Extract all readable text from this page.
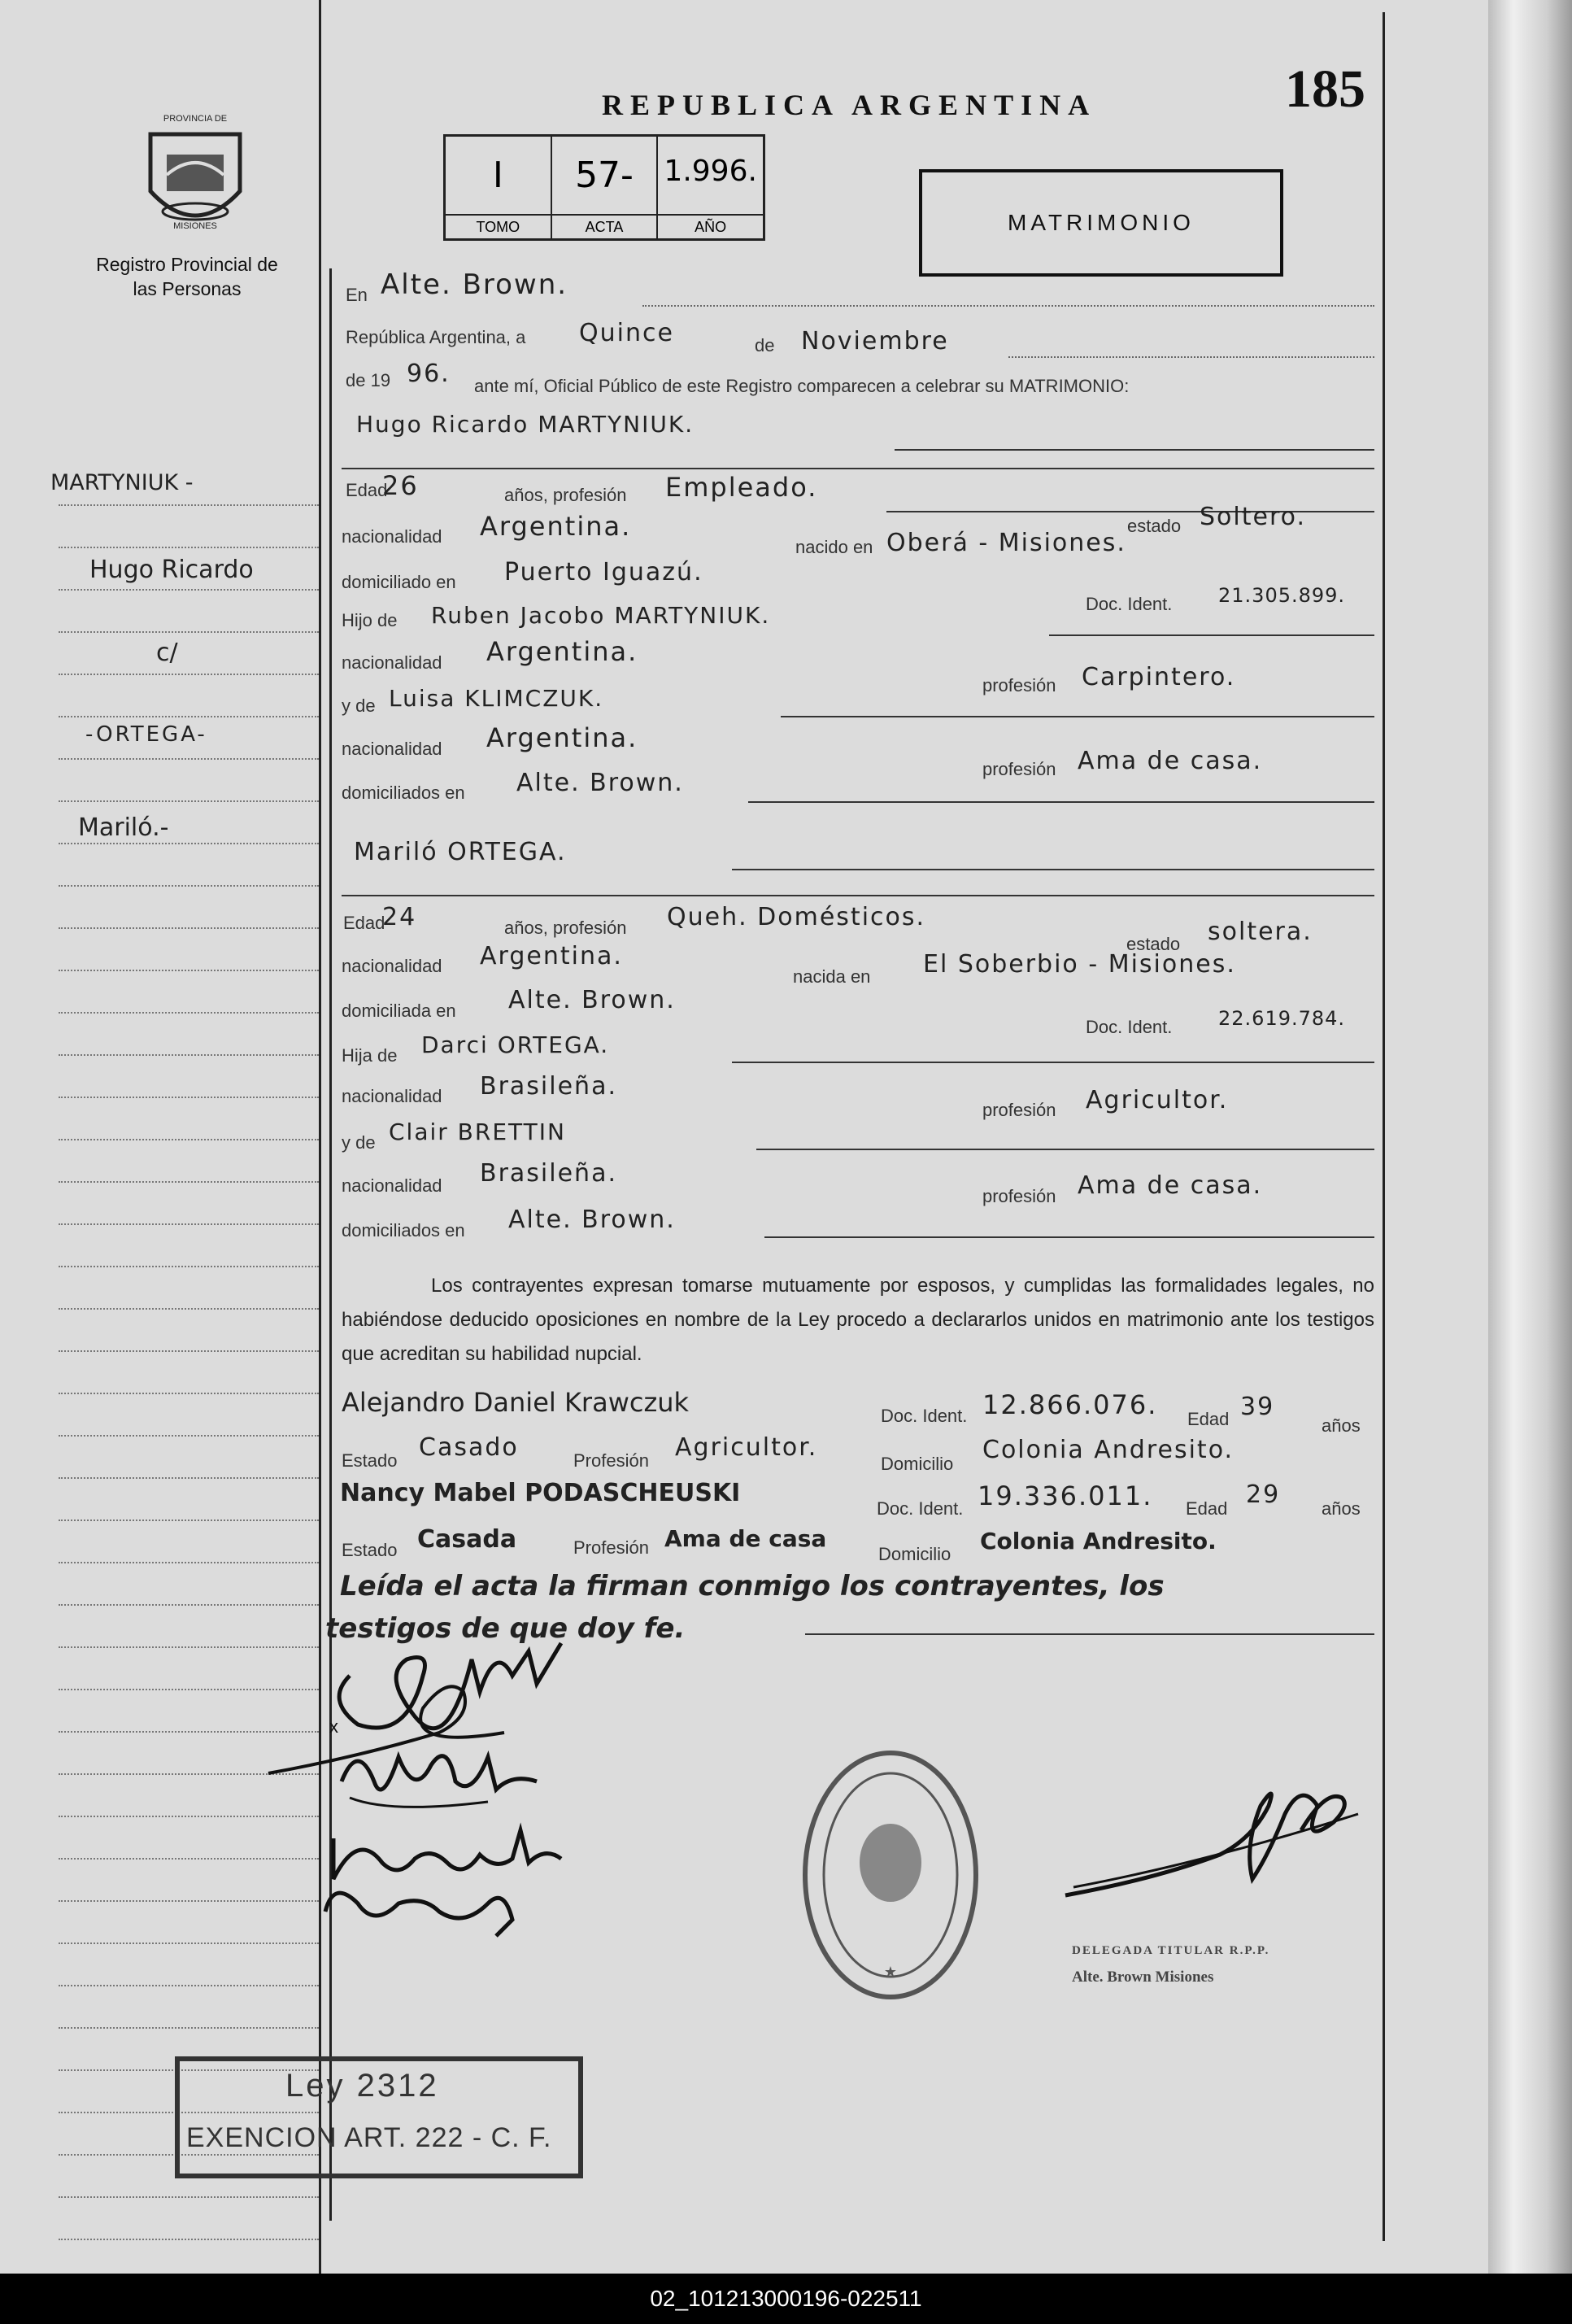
PROVINCIA DE
MISIONES
Registro Provincial de las Personas
REPUBLICA ARGENTINA	185
I
TOMO
57-
ACTA
1.996.
AÑO	MATRIMONIO
MARTYNIUK -
Hugo Ricardo
c/
-ORTEGA-
Mariló.-
En Alte. Brown.
República Argentina, a Quince	de Noviembre
de 19 96. ante mí, Oficial Público de este Registro comparecen a celebrar su MATRIMONIO:
Hugo Ricardo MARTYNIUK.
Edad
26	años, profesión Empleado.
nacionalidad Argentina.	estado Soltero.
nacido en Oberá - Misiones.
domiciliado en Puerto Iguazú.
Doc. Ident. 21.305.899.
Hijo de Ruben Jacobo MARTYNIUK.
nacionalidad Argentina.
profesión Carpintero.
y de Luisa KLIMCZUK.
nacionalidad Argentina.
profesión Ama de casa.
domiciliados en Alte. Brown.
Mariló ORTEGA.
Edad
24	años, profesión Queh. Domésticos.
estado soltera.
nacionalidad Argentina.
nacida en El Soberbio - Misiones.
domiciliada en Alte. Brown.
Doc. Ident. 22.619.784.
Hija de Darci ORTEGA.
nacionalidad Brasileña.
profesión Agricultor.
y de Clair BRETTIN
nacionalidad Brasileña.
profesión Ama de casa.
domiciliados en Alte. Brown.
Los contrayentes expresan tomarse mutuamente por esposos, y cumplidas las formalidades legales, no habiéndose deducido oposiciones en nombre de la Ley procedo a declararlos unidos en matrimonio ante los testigos que acreditan su habilidad nupcial.
Alejandro Daniel Krawczuk	Doc. Ident. 12.866.076. Edad 39
años
Estado Casado	Profesión Agricultor.
Domicilio Colonia Andresito.
Nancy Mabel PODASCHEUSKI
Doc. Ident. 19.336.011. Edad 29 años
Estado Casada	Profesión Ama de casa
Domicilio Colonia Andresito.
Leída el acta la firman conmigo los contrayentes, los
testigos de que doy fe.
x
★
DELEGADA TITULAR R.P.P.
Alte. Brown Misiones
Ley 2312
EXENCION ART. 222 - C. F.
02_101213000196-022511
